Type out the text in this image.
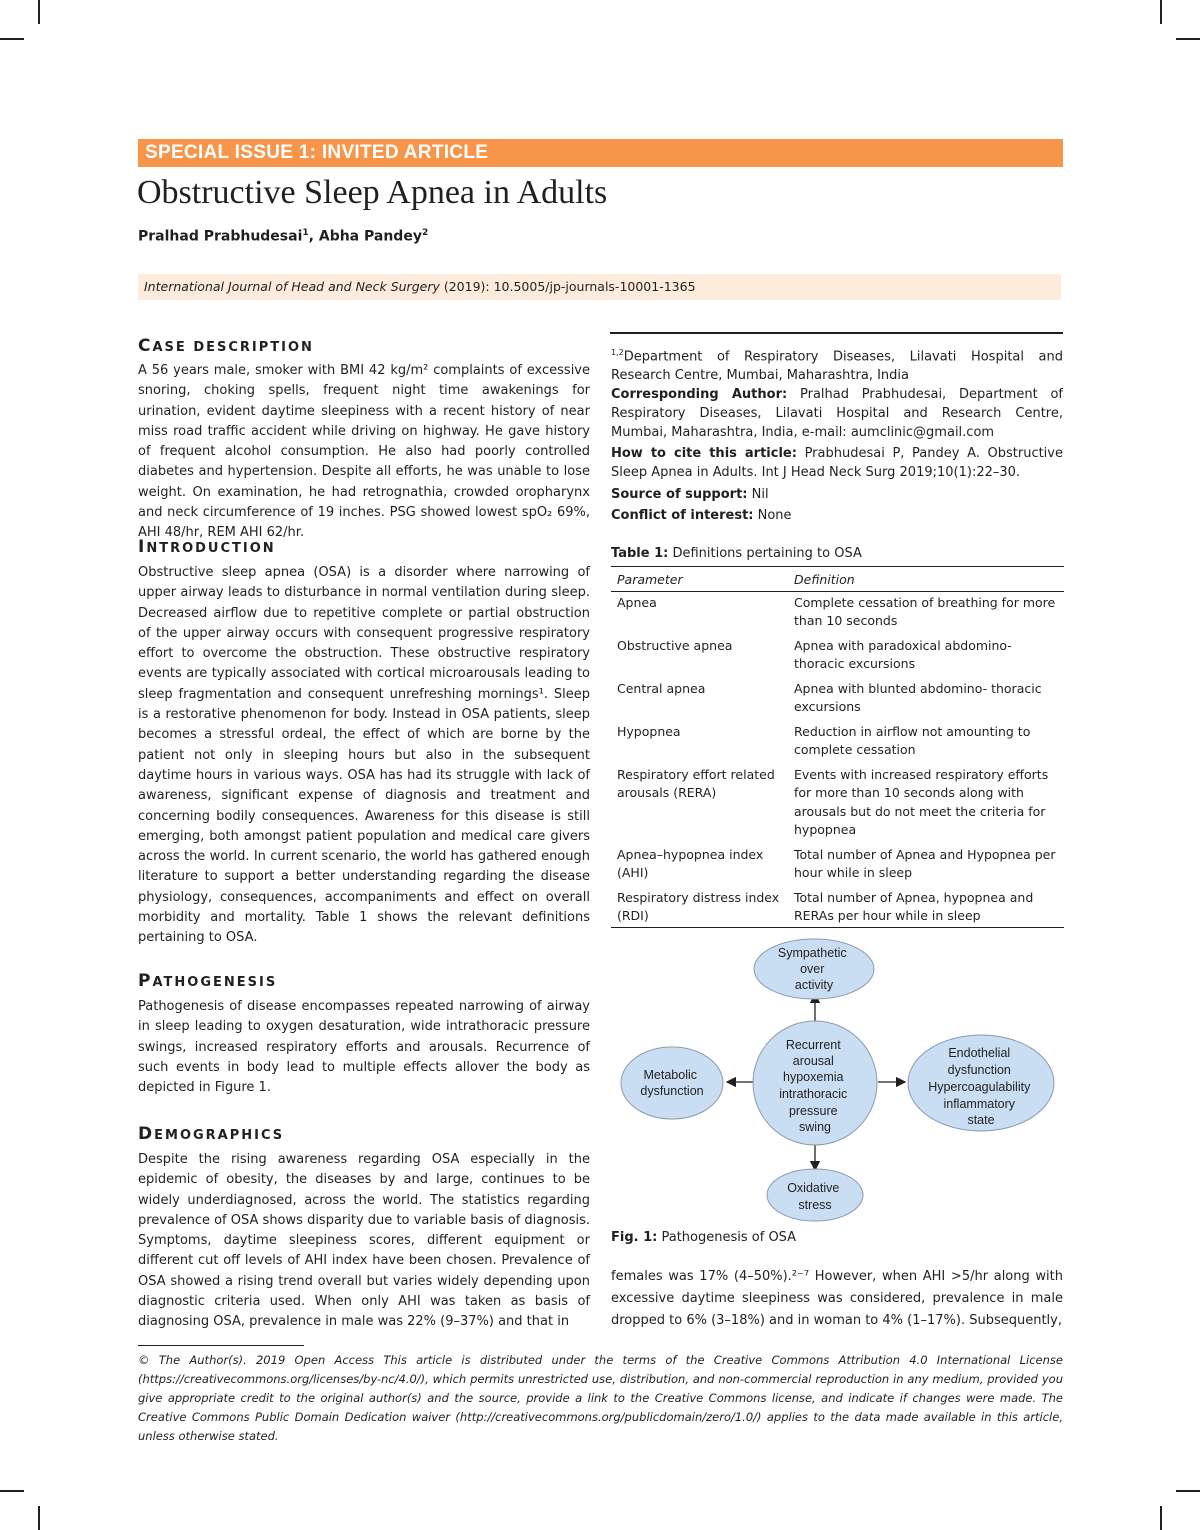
SPECIAL ISSUE 1: INVITED ARTICLE
Obstructive Sleep Apnea in Adults
Pralhad Prabhudesai$^1$, Abha Pandey$^2$
International Journal of Head and Neck Surgery (2019): 10.5005/jp-journals-10001-1365
CASE DESCRIPTION
A 56 years male, smoker with BMI 42 kg/m² complaints of excessive snoring, choking spells, frequent night time awakenings for urination, evident daytime sleepiness with a recent history of near miss road traffic accident while driving on highway. He gave history of frequent alcohol consumption. He also had poorly controlled diabetes and hypertension. Despite all efforts, he was unable to lose weight. On examination, he had retrognathia, crowded oropharynx and neck circumference of 19 inches. PSG showed lowest spO₂ 69%, AHI 48/hr, REM AHI 62/hr.
INTRODUCTION
Obstructive sleep apnea (OSA) is a disorder where narrowing of upper airway leads to disturbance in normal ventilation during sleep. Decreased airflow due to repetitive complete or partial obstruction of the upper airway occurs with consequent progressive respiratory effort to overcome the obstruction. These obstructive respiratory events are typically associated with cortical microarousals leading to sleep fragmentation and consequent unrefreshing mornings¹. Sleep is a restorative phenomenon for body. Instead in OSA patients, sleep becomes a stressful ordeal, the effect of which are borne by the patient not only in sleeping hours but also in the subsequent daytime hours in various ways. OSA has had its struggle with lack of awareness, significant expense of diagnosis and treatment and concerning bodily consequences. Awareness for this disease is still emerging, both amongst patient population and medical care givers across the world. In current scenario, the world has gathered enough literature to support a better understanding regarding the disease physiology, consequences, accompaniments and effect on overall morbidity and mortality. Table 1 shows the relevant definitions pertaining to OSA.
PATHOGENESIS
Pathogenesis of disease encompasses repeated narrowing of airway in sleep leading to oxygen desaturation, wide intrathoracic pressure swings, increased respiratory efforts and arousals. Recurrence of such events in body lead to multiple effects allover the body as depicted in Figure 1.
DEMOGRAPHICS
Despite the rising awareness regarding OSA especially in the epidemic of obesity, the diseases by and large, continues to be widely underdiagnosed, across the world. The statistics regarding prevalence of OSA shows disparity due to variable basis of diagnosis. Symptoms, daytime sleepiness scores, different equipment or different cut off levels of AHI index have been chosen. Prevalence of OSA showed a rising trend overall but varies widely depending upon diagnostic criteria used. When only AHI was taken as basis of diagnosing OSA, prevalence in male was 22% (9–37%) and that in
$^{1,2}$Department of Respiratory Diseases, Lilavati Hospital and Research Centre, Mumbai, Maharashtra, India
Corresponding Author: Pralhad Prabhudesai, Department of Respiratory Diseases, Lilavati Hospital and Research Centre, Mumbai, Maharashtra, India, e-mail: aumclinic@gmail.com
How to cite this article: Prabhudesai P, Pandey A. Obstructive Sleep Apnea in Adults. Int J Head Neck Surg 2019;10(1):22–30.
Source of support: Nil
Conflict of interest: None
Table 1: Definitions pertaining to OSA
Parameter	Definition
Apnea	Complete cessation of breathing for more than 10 seconds
Obstructive apnea	Apnea with paradoxical abdomino-thoracic excursions
Central apnea	Apnea with blunted abdomino- thoracic excursions
Hypopnea	Reduction in airflow not amounting to complete cessation
Respiratory effort related arousals (RERA)	Events with increased respiratory efforts for more than 10 seconds along with arousals but do not meet the criteria for hypopnea
Apnea–hypopnea index (AHI)	Total number of Apnea and Hypopnea per hour while in sleep
Respiratory distress index (RDI)	Total number of Apnea, hypopnea and RERAs per hour while in sleep
Recurrent arousal hypoxemia intrathoracic pressure swing
Sympathetic over activity
Metabolic dysfunction
Endothelial dysfunction Hypercoagulability inflammatory state
Oxidative stress
Fig. 1: Pathogenesis of OSA
females was 17% (4–50%).²⁻⁷ However, when AHI >5/hr along with excessive daytime sleepiness was considered, prevalence in male dropped to 6% (3–18%) and in woman to 4% (1–17%). Subsequently,
© The Author(s). 2019 Open Access This article is distributed under the terms of the Creative Commons Attribution 4.0 International License (https://creativecommons.org/licenses/by-nc/4.0/), which permits unrestricted use, distribution, and non-commercial reproduction in any medium, provided you give appropriate credit to the original author(s) and the source, provide a link to the Creative Commons license, and indicate if changes were made. The Creative Commons Public Domain Dedication waiver (http://creativecommons.org/publicdomain/zero/1.0/) applies to the data made available in this article, unless otherwise stated.
